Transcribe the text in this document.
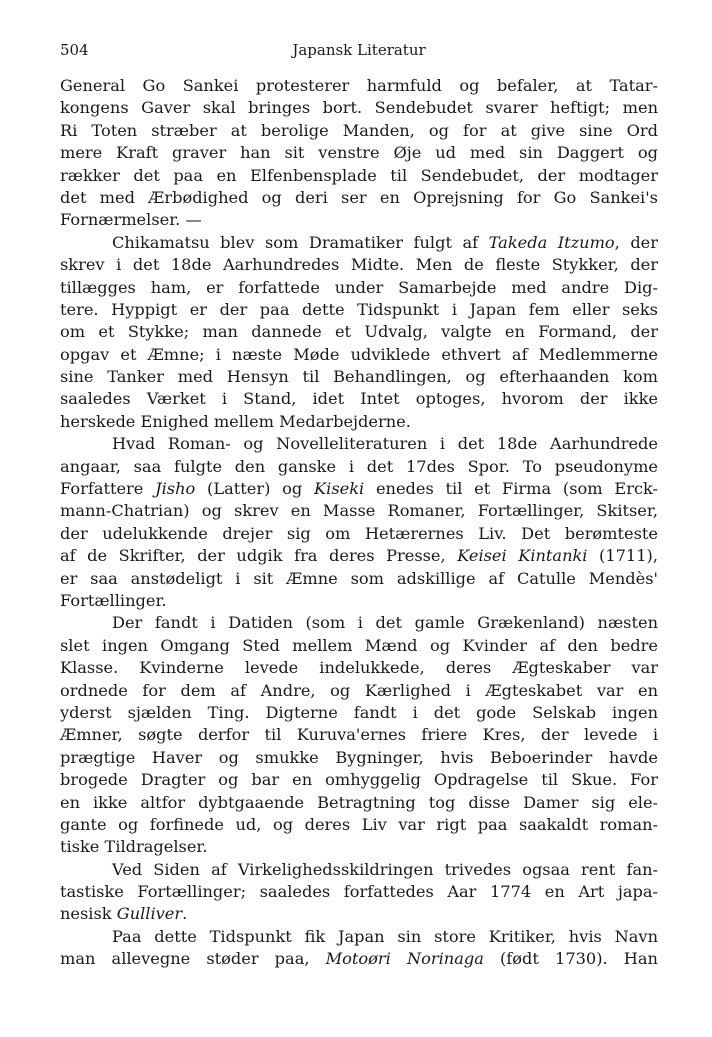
504	Japansk Literatur
General Go Sankei protesterer harmfuld og befaler, at Tatar-
kongens Gaver skal bringes bort. Sendebudet svarer heftigt; men
Ri Toten stræber at berolige Manden, og for at give sine Ord
mere Kraft graver han sit venstre Øje ud med sin Daggert og
rækker det paa en Elfenbensplade til Sendebudet, der modtager
det med Ærbødighed og deri ser en Oprejsning for Go Sankei's
Fornærmelser. —
Chikamatsu blev som Dramatiker fulgt af Takeda Itzumo, der
skrev i det 18de Aarhundredes Midte. Men de fleste Stykker, der
tillægges ham, er forfattede under Samarbejde med andre Dig-
tere. Hyppigt er der paa dette Tidspunkt i Japan fem eller seks
om et Stykke; man dannede et Udvalg, valgte en Formand, der
opgav et Æmne; i næste Møde udviklede ethvert af Medlemmerne
sine Tanker med Hensyn til Behandlingen, og efterhaanden kom
saaledes Værket i Stand, idet Intet optoges, hvorom der ikke
herskede Enighed mellem Medarbejderne.
Hvad Roman- og Novelleliteraturen i det 18de Aarhundrede
angaar, saa fulgte den ganske i det 17des Spor. To pseudonyme
Forfattere Jisho (Latter) og Kiseki enedes til et Firma (som Erck-
mann-Chatrian) og skrev en Masse Romaner, Fortællinger, Skitser,
der udelukkende drejer sig om Hetærernes Liv. Det berømteste
af de Skrifter, der udgik fra deres Presse, Keisei Kintanki (1711),
er saa anstødeligt i sit Æmne som adskillige af Catulle Mendès'
Fortællinger.
Der fandt i Datiden (som i det gamle Grækenland) næsten
slet ingen Omgang Sted mellem Mænd og Kvinder af den bedre
Klasse. Kvinderne levede indelukkede, deres Ægteskaber var
ordnede for dem af Andre, og Kærlighed i Ægteskabet var en
yderst sjælden Ting. Digterne fandt i det gode Selskab ingen
Æmner, søgte derfor til Kuruva'ernes friere Kres, der levede i
prægtige Haver og smukke Bygninger, hvis Beboerinder havde
brogede Dragter og bar en omhyggelig Opdragelse til Skue. For
en ikke altfor dybtgaaende Betragtning tog disse Damer sig ele-
gante og forfinede ud, og deres Liv var rigt paa saakaldt roman-
tiske Tildragelser.
Ved Siden af Virkelighedsskildringen trivedes ogsaa rent fan-
tastiske Fortællinger; saaledes forfattedes Aar 1774 en Art japa-
nesisk Gulliver.
Paa dette Tidspunkt fik Japan sin store Kritiker, hvis Navn
man allevegne støder paa, Motoøri Norinaga (født 1730). Han
